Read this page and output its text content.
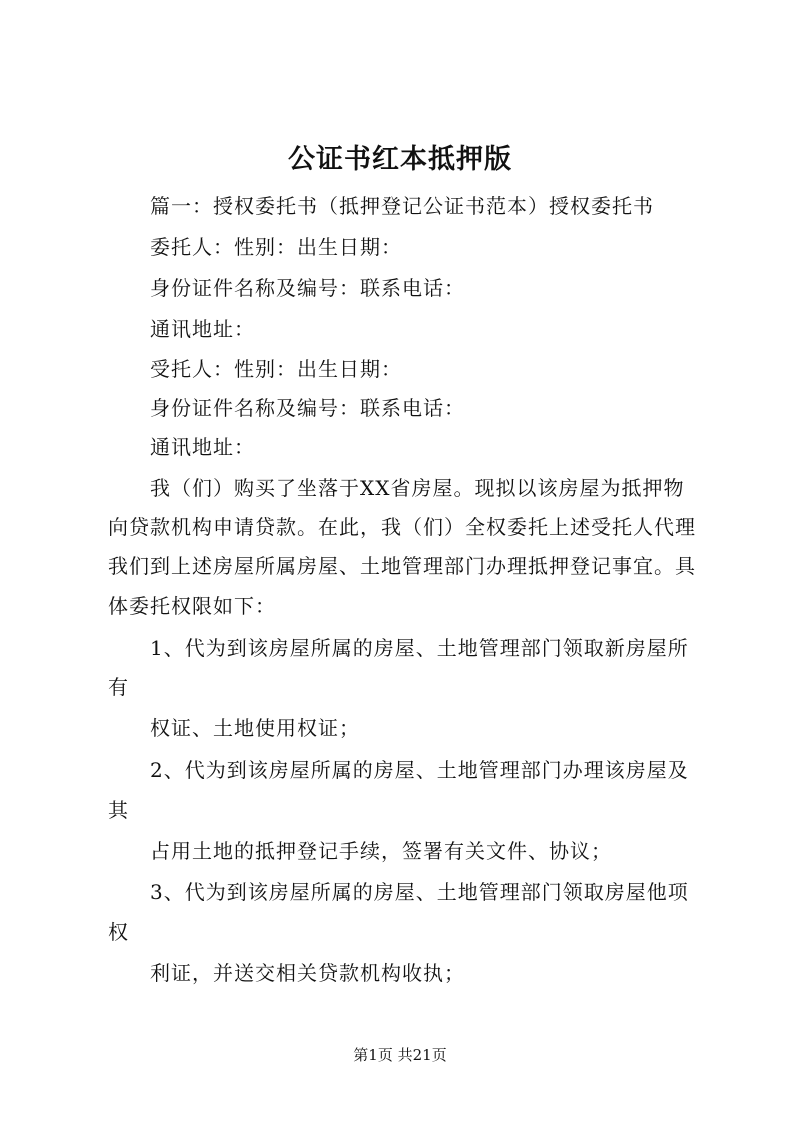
公证书红本抵押版
篇一：授权委托书（抵押登记公证书范本）授权委托书
委托人：性别：出生日期：
身份证件名称及编号：联系电话：
通讯地址：
受托人：性别：出生日期：
身份证件名称及编号：联系电话：
通讯地址：
我（们）购买了坐落于XX省房屋。现拟以该房屋为抵押物
向贷款机构申请贷款。在此，我（们）全权委托上述受托人代理
我们到上述房屋所属房屋、土地管理部门办理抵押登记事宜。具
体委托权限如下：
1、代为到该房屋所属的房屋、土地管理部门领取新房屋所
有
权证、土地使用权证；
2、代为到该房屋所属的房屋、土地管理部门办理该房屋及
其
占用土地的抵押登记手续，签署有关文件、协议；
3、代为到该房屋所属的房屋、土地管理部门领取房屋他项
权
利证，并送交相关贷款机构收执；
第1页 共21页
